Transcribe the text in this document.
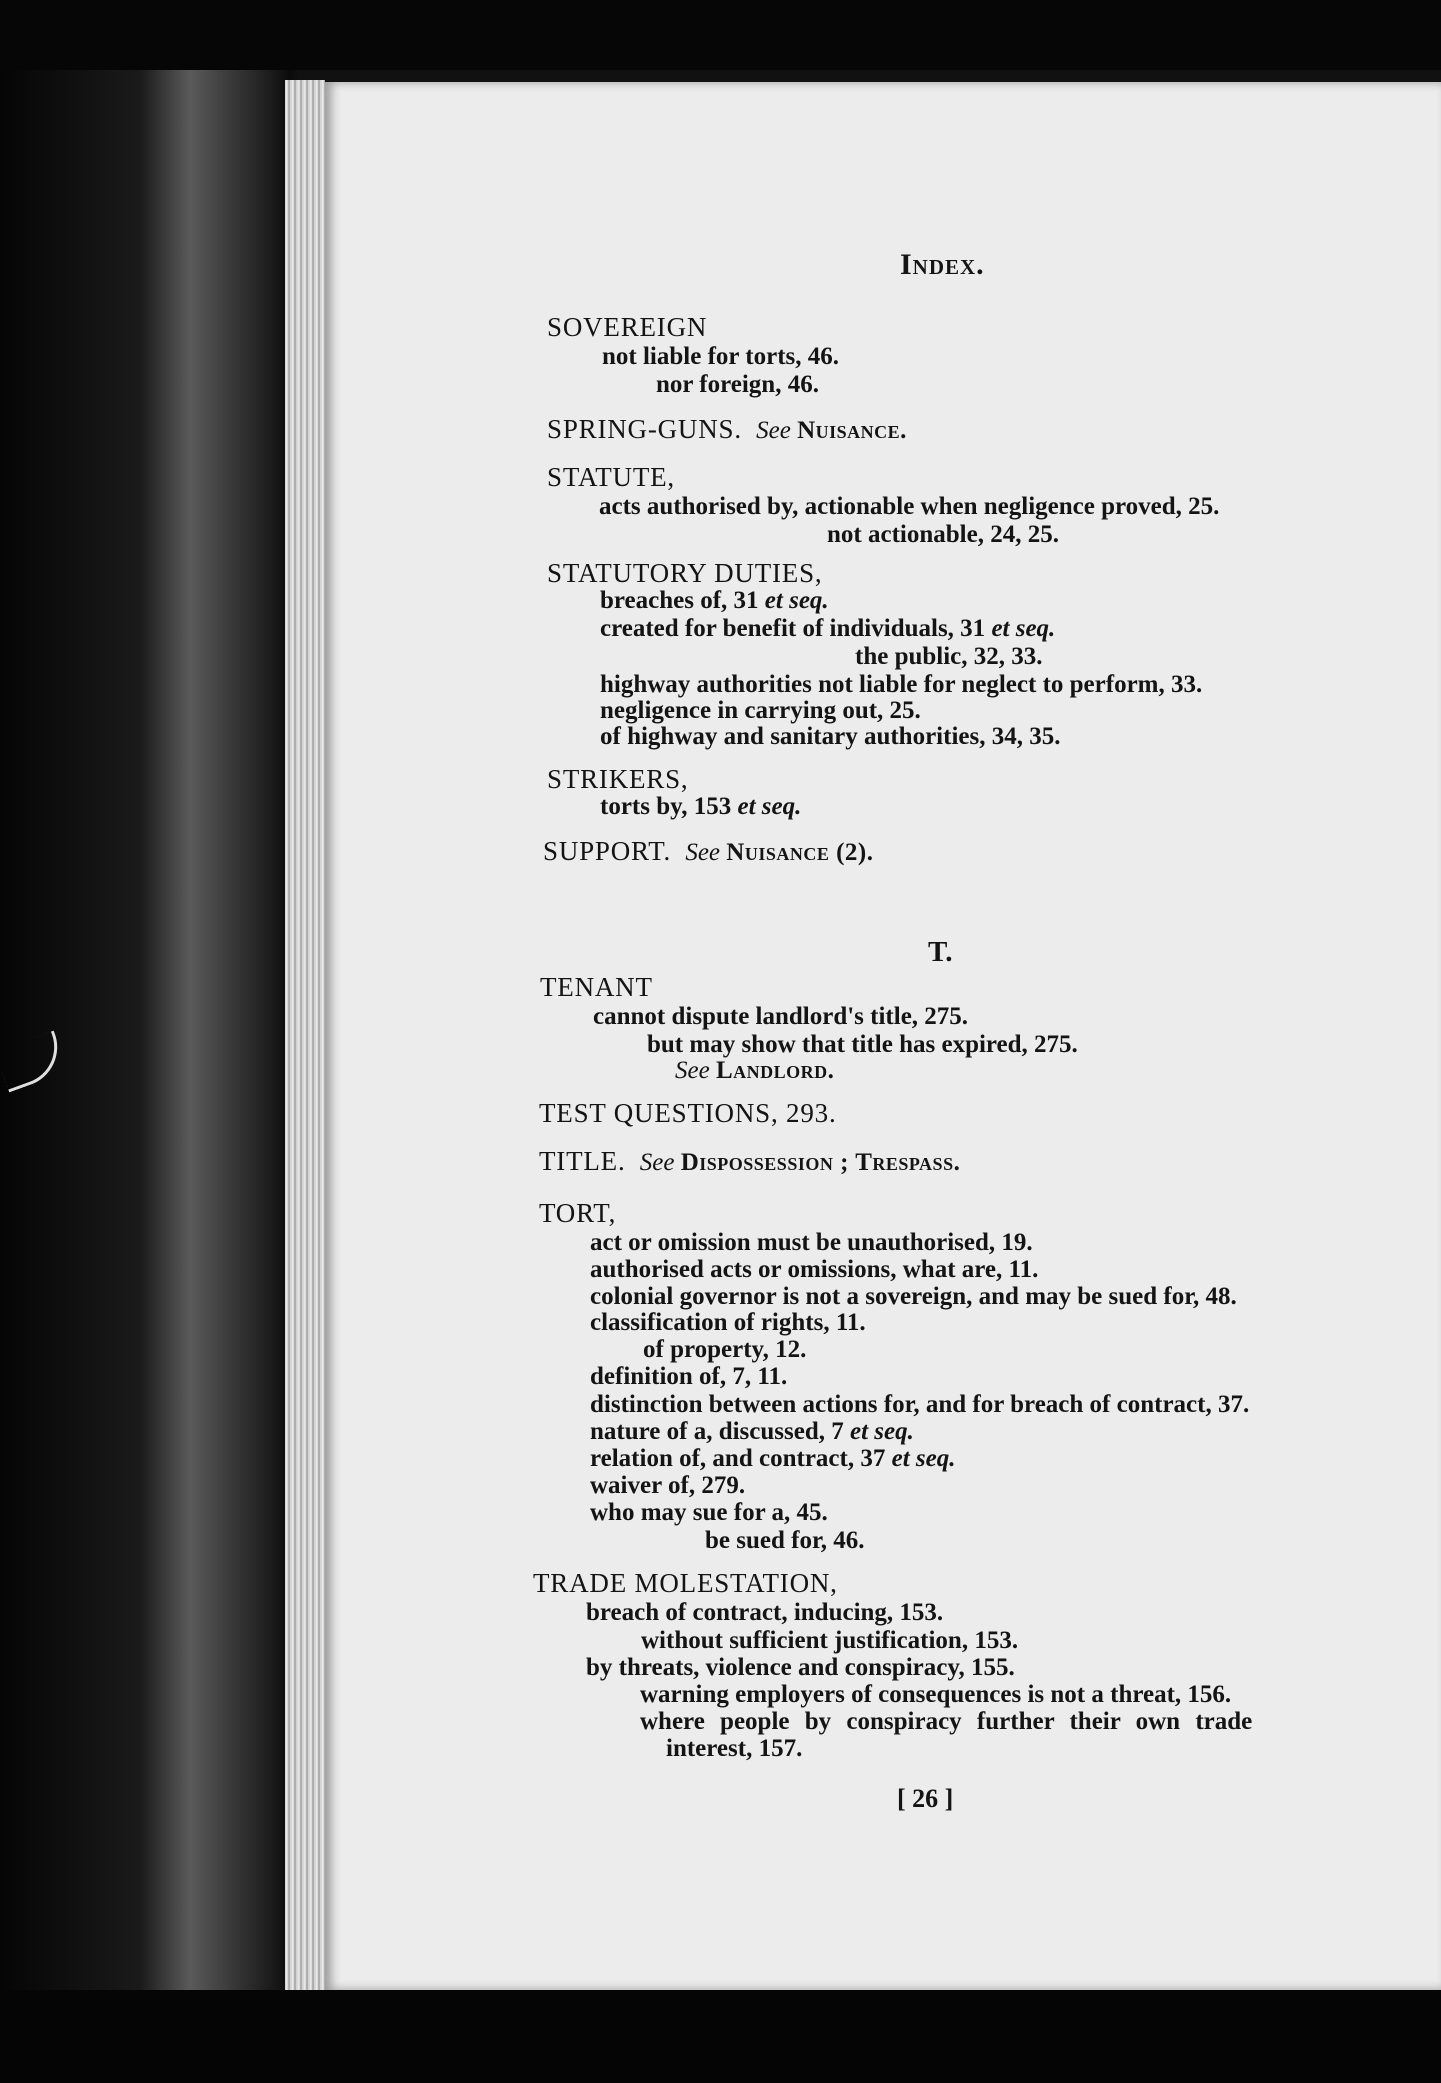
Index.
SOVEREIGN
not liable for torts, 46.
nor foreign, 46.
SPRING-GUNS. See Nuisance.
STATUTE,
acts authorised by, actionable when negligence proved, 25.
not actionable, 24, 25.
STATUTORY DUTIES,
breaches of, 31 et seq.
created for benefit of individuals, 31 et seq.
the public, 32, 33.
highway authorities not liable for neglect to perform, 33.
negligence in carrying out, 25.
of highway and sanitary authorities, 34, 35.
STRIKERS,
torts by, 153 et seq.
SUPPORT. See Nuisance (2).
T.
TENANT
cannot dispute landlord's title, 275.
but may show that title has expired, 275.
See Landlord.
TEST QUESTIONS, 293.
TITLE. See Dispossession ; Trespass.
TORT,
act or omission must be unauthorised, 19.
authorised acts or omissions, what are, 11.
colonial governor is not a sovereign, and may be sued for, 48.
classification of rights, 11.
of property, 12.
definition of, 7, 11.
distinction between actions for, and for breach of contract, 37.
nature of a, discussed, 7 et seq.
relation of, and contract, 37 et seq.
waiver of, 279.
who may sue for a, 45.
be sued for, 46.
TRADE MOLESTATION,
breach of contract, inducing, 153.
without sufficient justification, 153.
by threats, violence and conspiracy, 155.
warning employers of consequences is not a threat, 156.
where people by conspiracy further their own trade
interest, 157.
[ 26 ]
